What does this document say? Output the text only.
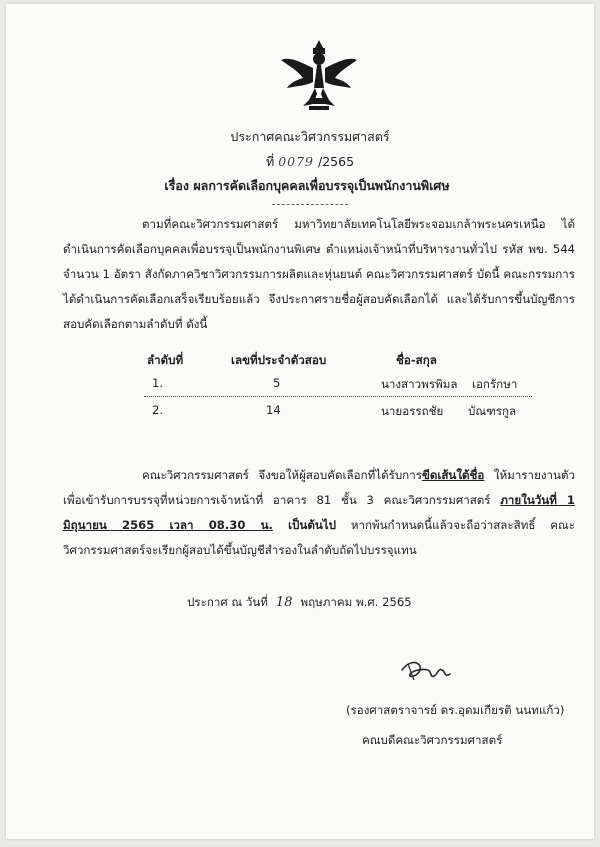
ประกาศคณะวิศวกรรมศาสตร์
ที่ 0079 /2565
เรื่อง ผลการคัดเลือกบุคคลเพื่อบรรจุเป็นพนักงานพิเศษ
ตามที่คณะวิศวกรรมศาสตร์ มหาวิทยาลัยเทคโนโลยีพระจอมเกล้าพระนครเหนือ ได้ดำเนินการคัดเลือกบุคคลเพื่อบรรจุเป็นพนักงานพิเศษ ตำแหน่งเจ้าหน้าที่บริหารงานทั่วไป รหัส พข. 544 จำนวน 1 อัตรา สังกัดภาควิชาวิศวกรรมการผลิตและหุ่นยนต์ คณะวิศวกรรมศาสตร์ บัดนี้ คณะกรรมการได้ดำเนินการคัดเลือกเสร็จเรียบร้อยแล้ว จึงประกาศรายชื่อผู้สอบคัดเลือกได้ และได้รับการขึ้นบัญชีการสอบคัดเลือกตามลำดับที่ ดังนี้
ลำดับที่	เลขที่ประจำตัวสอบ	ชื่อ-สกุล
1.	5	นางสาวพรพิมล เอกรักษา
2.	14	นายอรรถชัย บัณฑรกูล
คณะวิศวกรรมศาสตร์ จึงขอให้ผู้สอบคัดเลือกที่ได้รับการขีดเส้นใต้ชื่อ ให้มารายงานตัวเพื่อเข้ารับการบรรจุที่หน่วยการเจ้าหน้าที่ อาคาร 81 ชั้น 3 คณะวิศวกรรมศาสตร์ ภายในวันที่ 1 มิถุนายน 2565 เวลา 08.30 น. เป็นต้นไป หากพ้นกำหนดนี้แล้วจะถือว่าสละสิทธิ์ คณะวิศวกรรมศาสตร์จะเรียกผู้สอบได้ขึ้นบัญชีสำรองในลำดับถัดไปบรรจุแทน
ประกาศ ณ วันที่ 18 พฤษภาคม พ.ศ. 2565
(รองศาสตราจารย์ ดร.อุดมเกียรติ นนทแก้ว)
คณบดีคณะวิศวกรรมศาสตร์
